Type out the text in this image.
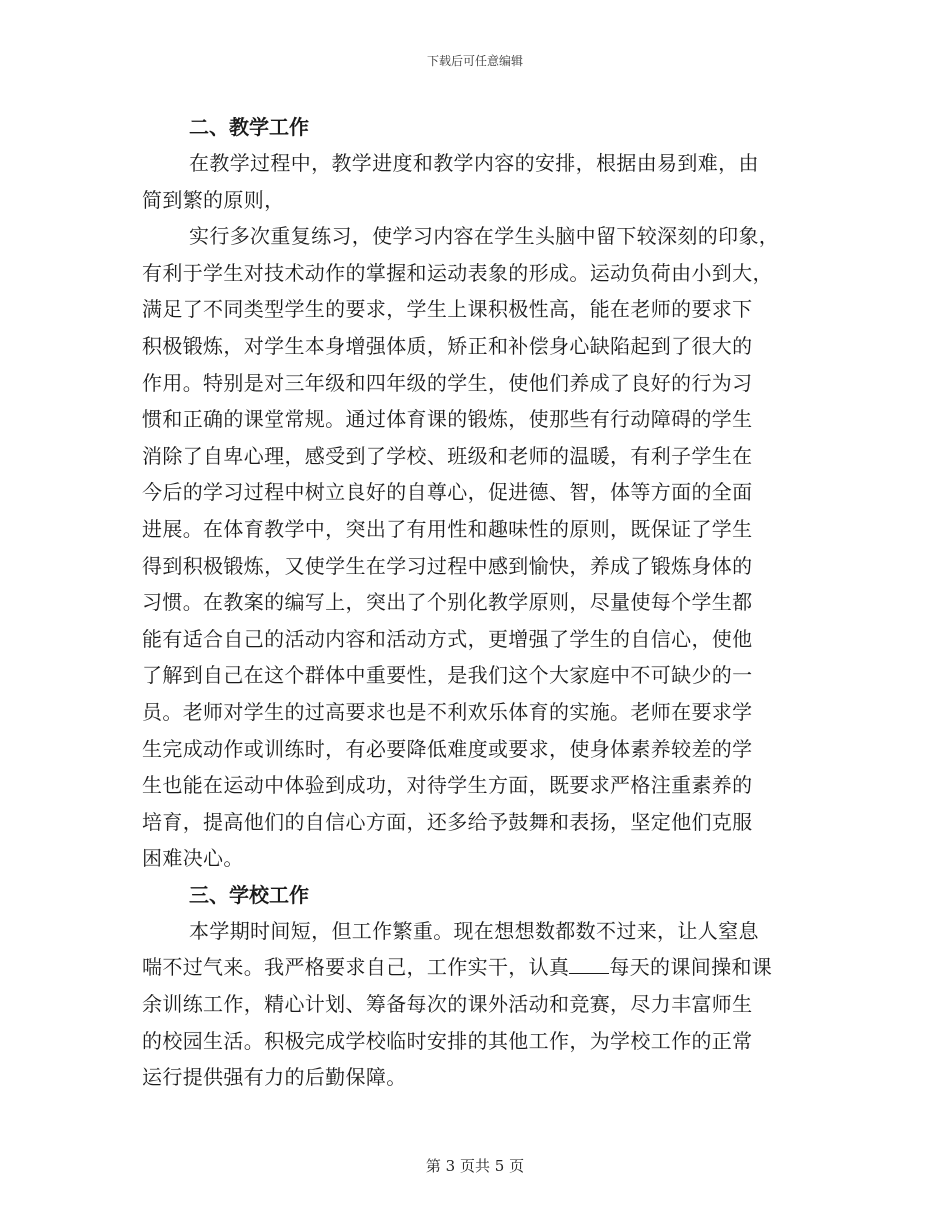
下载后可任意编辑
二、教学工作
在教学过程中，教学进度和教学内容的安排，根据由易到难，由
简到繁的原则，
实行多次重复练习，使学习内容在学生头脑中留下较深刻的印象，
有利于学生对技术动作的掌握和运动表象的形成。运动负荷由小到大，
满足了不同类型学生的要求，学生上课积极性高，能在老师的要求下
积极锻炼，对学生本身增强体质，矫正和补偿身心缺陷起到了很大的
作用。特别是对三年级和四年级的学生，使他们养成了良好的行为习
惯和正确的课堂常规。通过体育课的锻炼，使那些有行动障碍的学生
消除了自卑心理，感受到了学校、班级和老师的温暖，有利子学生在
今后的学习过程中树立良好的自尊心，促进德、智，体等方面的全面
进展。在体育教学中，突出了有用性和趣味性的原则，既保证了学生
得到积极锻炼，又使学生在学习过程中感到愉快，养成了锻炼身体的
习惯。在教案的编写上，突出了个别化教学原则，尽量使每个学生都
能有适合自己的活动内容和活动方式，更增强了学生的自信心，使他
了解到自己在这个群体中重要性，是我们这个大家庭中不可缺少的一
员。老师对学生的过高要求也是不利欢乐体育的实施。老师在要求学
生完成动作或训练时，有必要降低难度或要求，使身体素养较差的学
生也能在运动中体验到成功，对待学生方面，既要求严格注重素养的
培育，提高他们的自信心方面，还多给予鼓舞和表扬，坚定他们克服
困难决心。
三、学校工作
本学期时间短，但工作繁重。现在想想数都数不过来，让人窒息
喘不过气来。我严格要求自己，工作实干，认真 每天的课间操和课
余训练工作，精心计划、筹备每次的课外活动和竞赛，尽力丰富师生
的校园生活。积极完成学校临时安排的其他工作，为学校工作的正常
运行提供强有力的后勤保障。
第 3 页共 5 页
